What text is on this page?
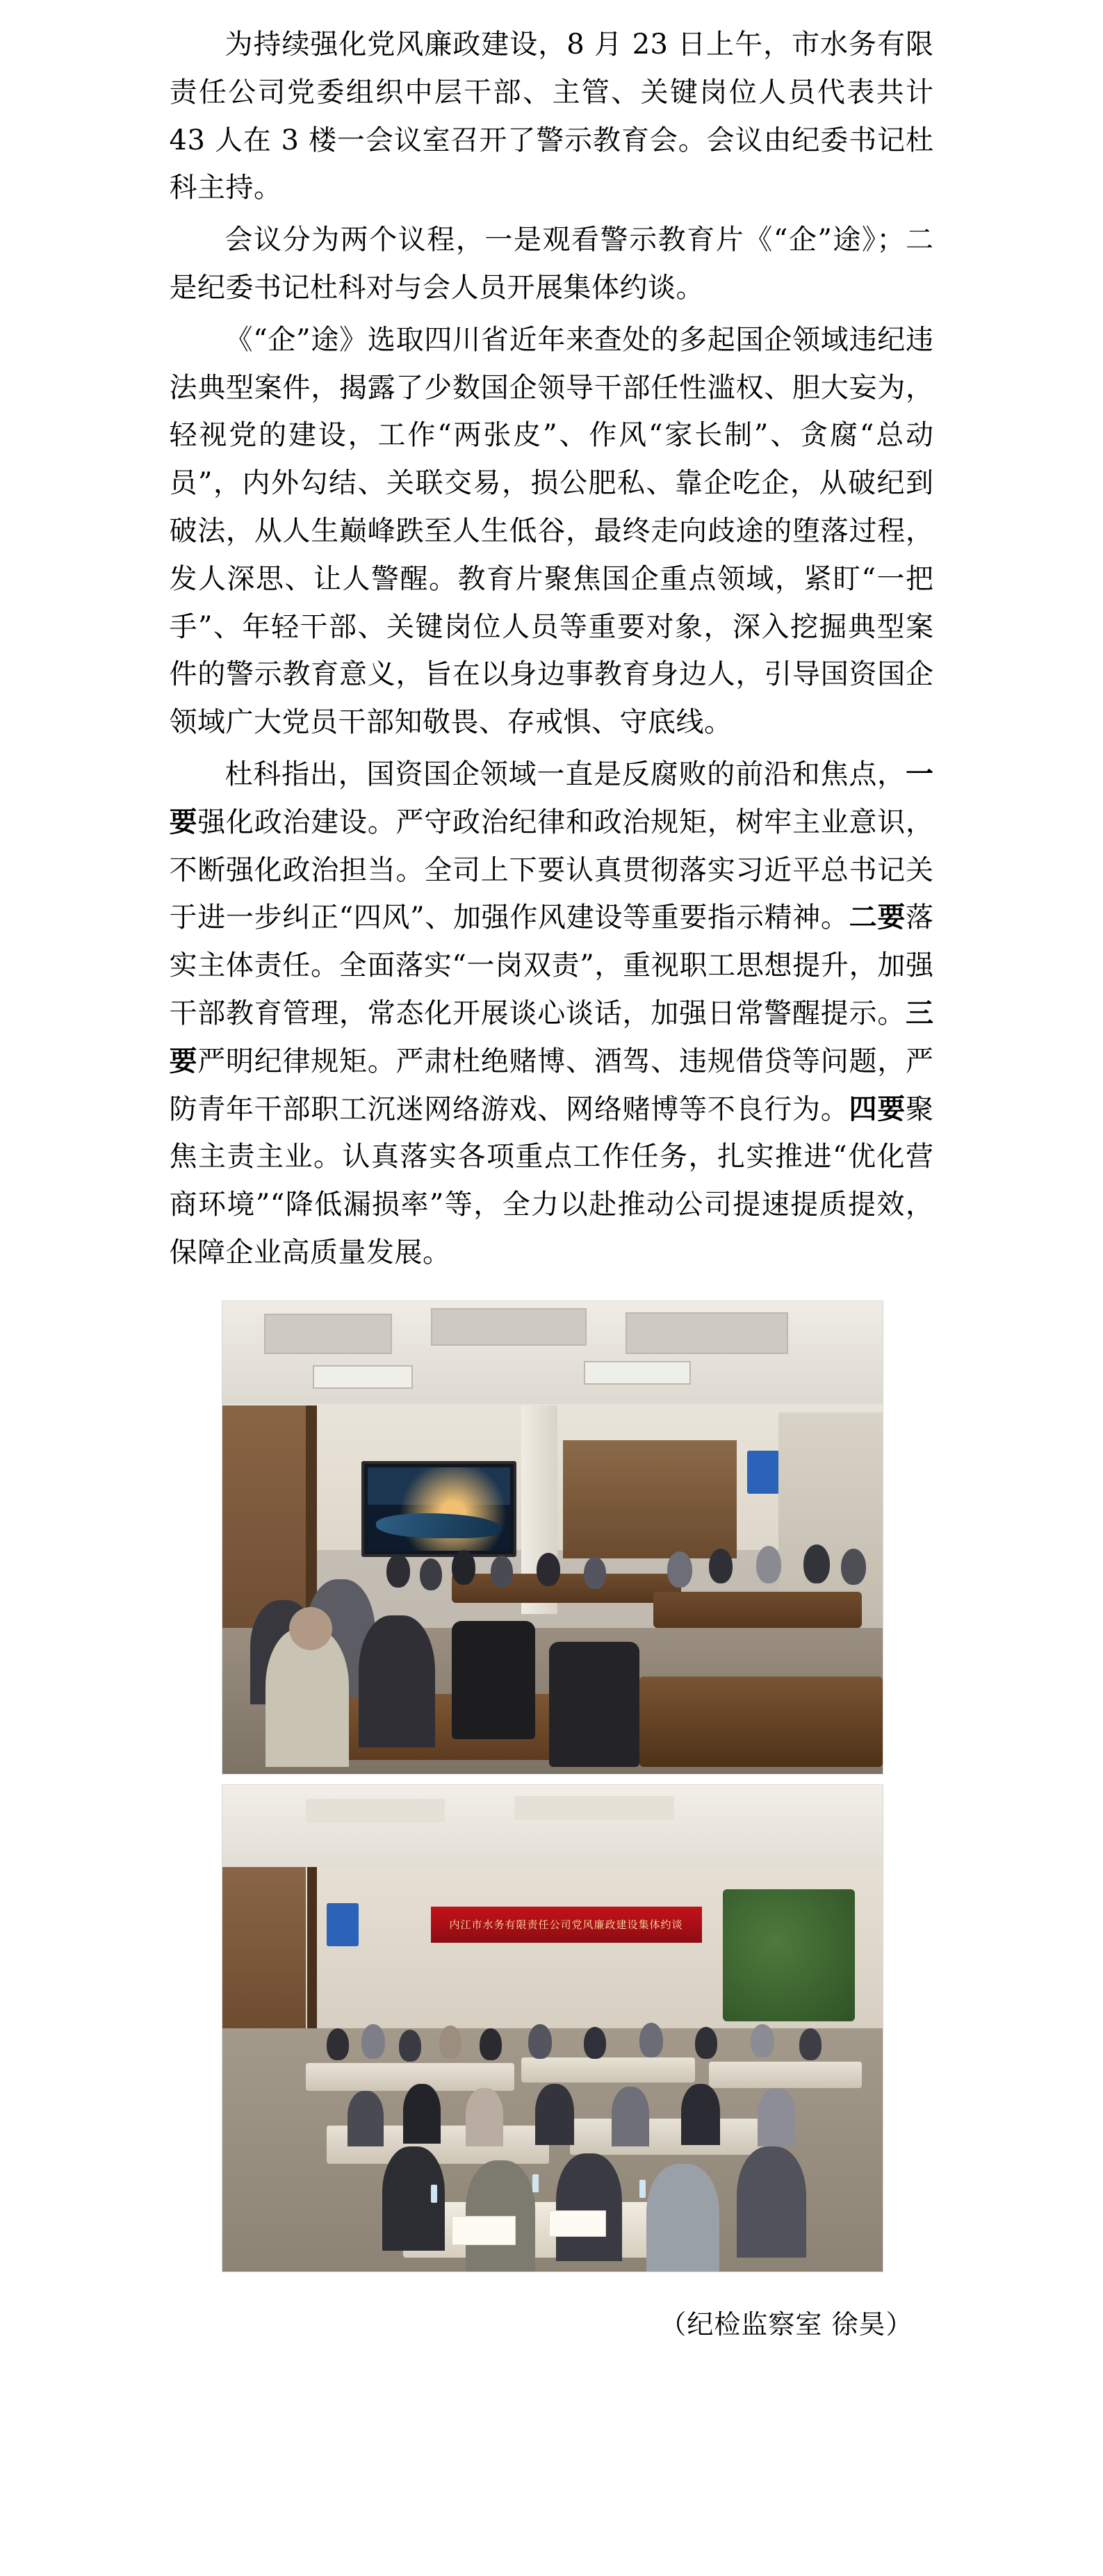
为持续强化党风廉政建设，8 月 23 日上午，市水务有限责任公司党委组织中层干部、主管、关键岗位人员代表共计 43 人在 3 楼一会议室召开了警示教育会。会议由纪委书记杜科主持。

会议分为两个议程，一是观看警示教育片《“企”途》；二是纪委书记杜科对与会人员开展集体约谈。

《“企”途》选取四川省近年来查处的多起国企领域违纪违法典型案件，揭露了少数国企领导干部任性滥权、胆大妄为，轻视党的建设，工作“两张皮”、作风“家长制”、贪腐“总动员”，内外勾结、关联交易，损公肥私、靠企吃企，从破纪到破法，从人生巅峰跌至人生低谷，最终走向歧途的堕落过程，发人深思、让人警醒。教育片聚焦国企重点领域，紧盯“一把手”、年轻干部、关键岗位人员等重要对象，深入挖掘典型案件的警示教育意义，旨在以身边事教育身边人，引导国资国企领域广大党员干部知敬畏、存戒惧、守底线。

杜科指出，国资国企领域一直是反腐败的前沿和焦点，一要强化政治建设。严守政治纪律和政治规矩，树牢主业意识，不断强化政治担当。全司上下要认真贯彻落实习近平总书记关于进一步纠正“四风”、加强作风建设等重要指示精神。二要落实主体责任。全面落实“一岗双责”，重视职工思想提升，加强干部教育管理，常态化开展谈心谈话，加强日常警醒提示。三要严明纪律规矩。严肃杜绝赌博、酒驾、违规借贷等问题，严防青年干部职工沉迷网络游戏、网络赌博等不良行为。四要聚焦主责主业。认真落实各项重点工作任务，扎实推进“优化营商环境”“降低漏损率”等，全力以赴推动公司提速提质提效，保障企业高质量发展。

内江市水务有限责任公司党风廉政建设集体约谈
（纪检监察室 徐昊）
